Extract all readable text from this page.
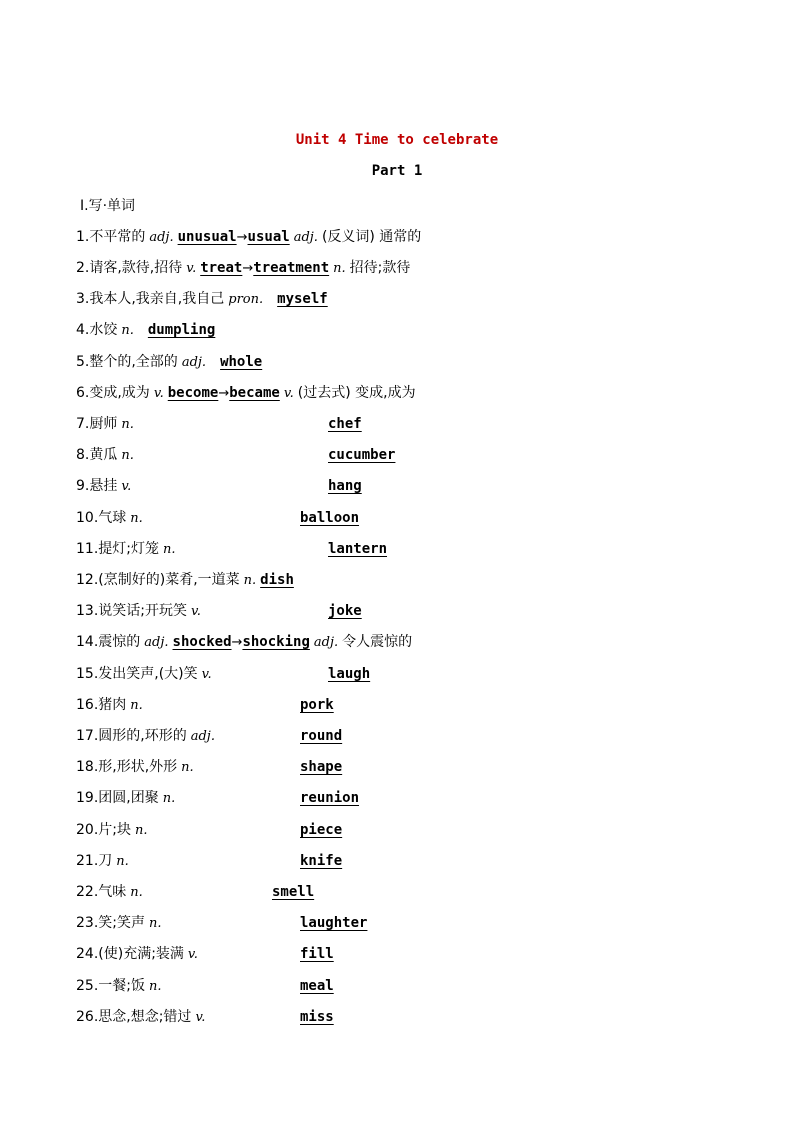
Unit 4 Time to celebrate
Part 1
Ⅰ.写·单词
1.不平常的 adj. unusual→usual adj. (反义词) 通常的
2.请客,款待,招待 v. treat→treatment n. 招待;款待
3.我本人,我亲自,我自己 pron. myself
4.水饺 n. dumpling
5.整个的,全部的 adj. whole
6.变成,成为 v. become→became v. (过去式) 变成,成为
7.厨师 n.	chef
8.黄瓜 n.	cucumber
9.悬挂 v.	hang
10.气球 n.	balloon
11.提灯;灯笼 n.	lantern
12.(烹制好的)菜肴,一道菜 n. dish
13.说笑话;开玩笑 v.	joke
14.震惊的 adj. shocked→shocking adj. 令人震惊的
15.发出笑声,(大)笑 v.	laugh
16.猪肉 n.	pork
17.圆形的,环形的 adj.	round
18.形,形状,外形 n.	shape
19.团圆,团聚 n.	reunion
20.片;块 n.	piece
21.刀 n.	knife
22.气味 n.	smell
23.笑;笑声 n.	laughter
24.(使)充满;装满 v.	fill
25.一餐;饭 n.	meal
26.思念,想念;错过 v.	miss
